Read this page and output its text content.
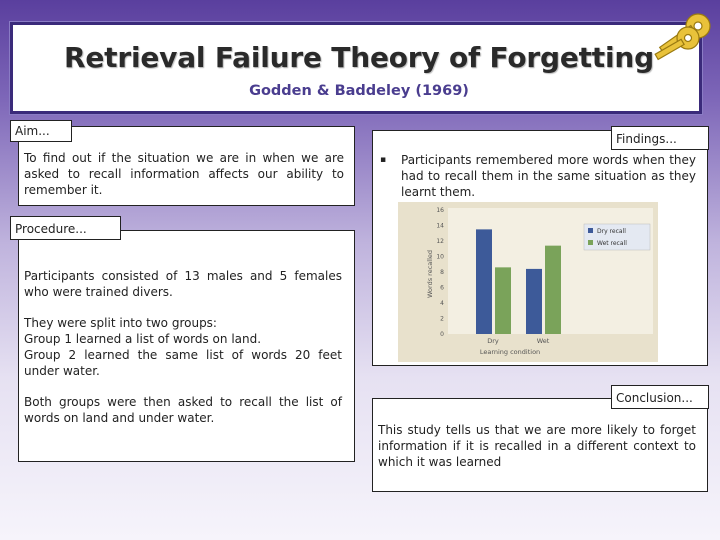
Retrieval Failure Theory of Forgetting
Godden & Baddeley (1969)
Aim...
To find out if the situation we are in when we are asked to recall information affects our ability to remember it.
Findings...
▪ Participants remembered more words when they had to recall them in the same situation as they learnt them.
Words recalled
0
2
4
6
8
10
12
14
16
Dry	Wet
Learning condition
Dry recall
Wet recall
Procedure...
Participants consisted of 13 males and 5 females who were trained divers.
They were split into two groups:
Group 1 learned a list of words on land.
Group 2 learned the same list of words 20 feet under water.
Both groups were then asked to recall the list of words on land and under water.
Conclusion...
This study tells us that we are more likely to forget information if it is recalled in a different context to which it was learned
